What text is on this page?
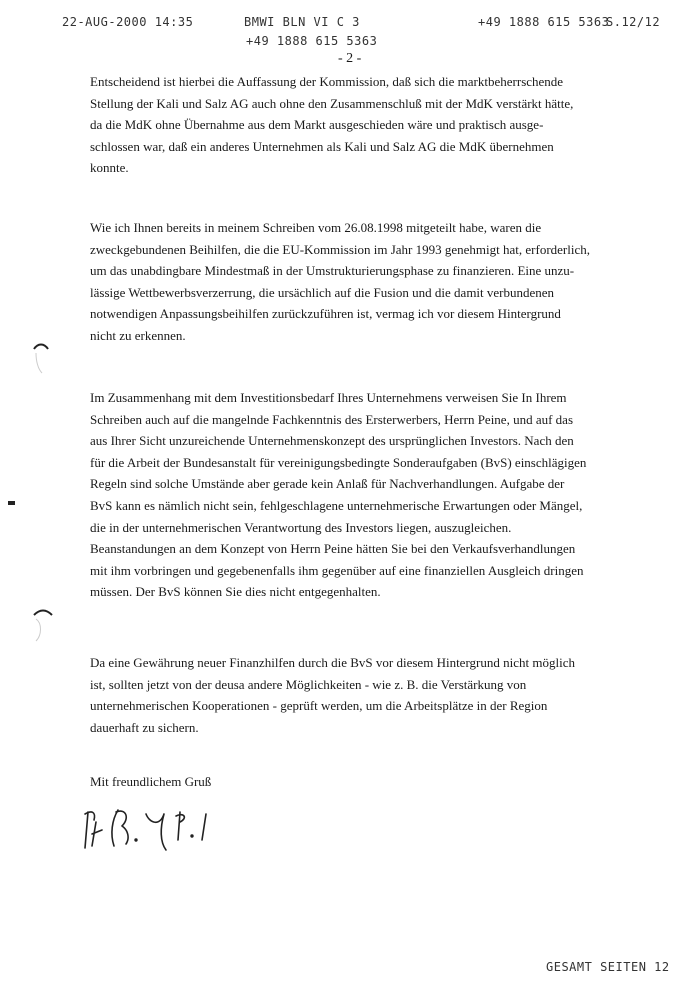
22-AUG-2000 14:35	BMWI BLN VI C 3	+49 1888 615 5363
S.12/12
+49 1888 615 5363
- 2 -

Entscheidend ist hierbei die Auffassung der Kommission, daß sich die marktbeherrschende
Stellung der Kali und Salz AG auch ohne den Zusammenschluß mit der MdK verstärkt hätte,
da die MdK ohne Übernahme aus dem Markt ausgeschieden wäre und praktisch ausge-
schlossen war, daß ein anderes Unternehmen als Kali und Salz AG die MdK übernehmen
konnte.

Wie ich Ihnen bereits in meinem Schreiben vom 26.08.1998 mitgeteilt habe, waren die
zweckgebundenen Beihilfen, die die EU-Kommission im Jahr 1993 genehmigt hat, erforderlich,
um das unabdingbare Mindestmaß in der Umstrukturierungsphase zu finanzieren. Eine unzu-
lässige Wettbewerbsverzerrung, die ursächlich auf die Fusion und die damit verbundenen
notwendigen Anpassungsbeihilfen zurückzuführen ist, vermag ich vor diesem Hintergrund
nicht zu erkennen.

Im Zusammenhang mit dem Investitionsbedarf Ihres Unternehmens verweisen Sie In Ihrem
Schreiben auch auf die mangelnde Fachkenntnis des Ersterwerbers, Herrn Peine, und auf das
aus Ihrer Sicht unzureichende Unternehmenskonzept des ursprünglichen Investors. Nach den
für die Arbeit der Bundesanstalt für vereinigungsbedingte Sonderaufgaben (BvS) einschlägigen
Regeln sind solche Umstände aber gerade kein Anlaß für Nachverhandlungen. Aufgabe der
BvS kann es nämlich nicht sein, fehlgeschlagene unternehmerische Erwartungen oder Mängel,
die in der unternehmerischen Verantwortung des Investors liegen, auszugleichen.
Beanstandungen an dem Konzept von Herrn Peine hätten Sie bei den Verkaufsverhandlungen
mit ihm vorbringen und gegebenenfalls ihm gegenüber auf eine finanziellen Ausgleich dringen
müssen. Der BvS können Sie dies nicht entgegenhalten.

Da eine Gewährung neuer Finanzhilfen durch die BvS vor diesem Hintergrund nicht möglich
ist, sollten jetzt von der deusa andere Möglichkeiten - wie z. B. die Verstärkung von
unternehmerischen Kooperationen - geprüft werden, um die Arbeitsplätze in der Region
dauerhaft zu sichern.

Mit freundlichem Gruß
GESAMT SEITEN 12
